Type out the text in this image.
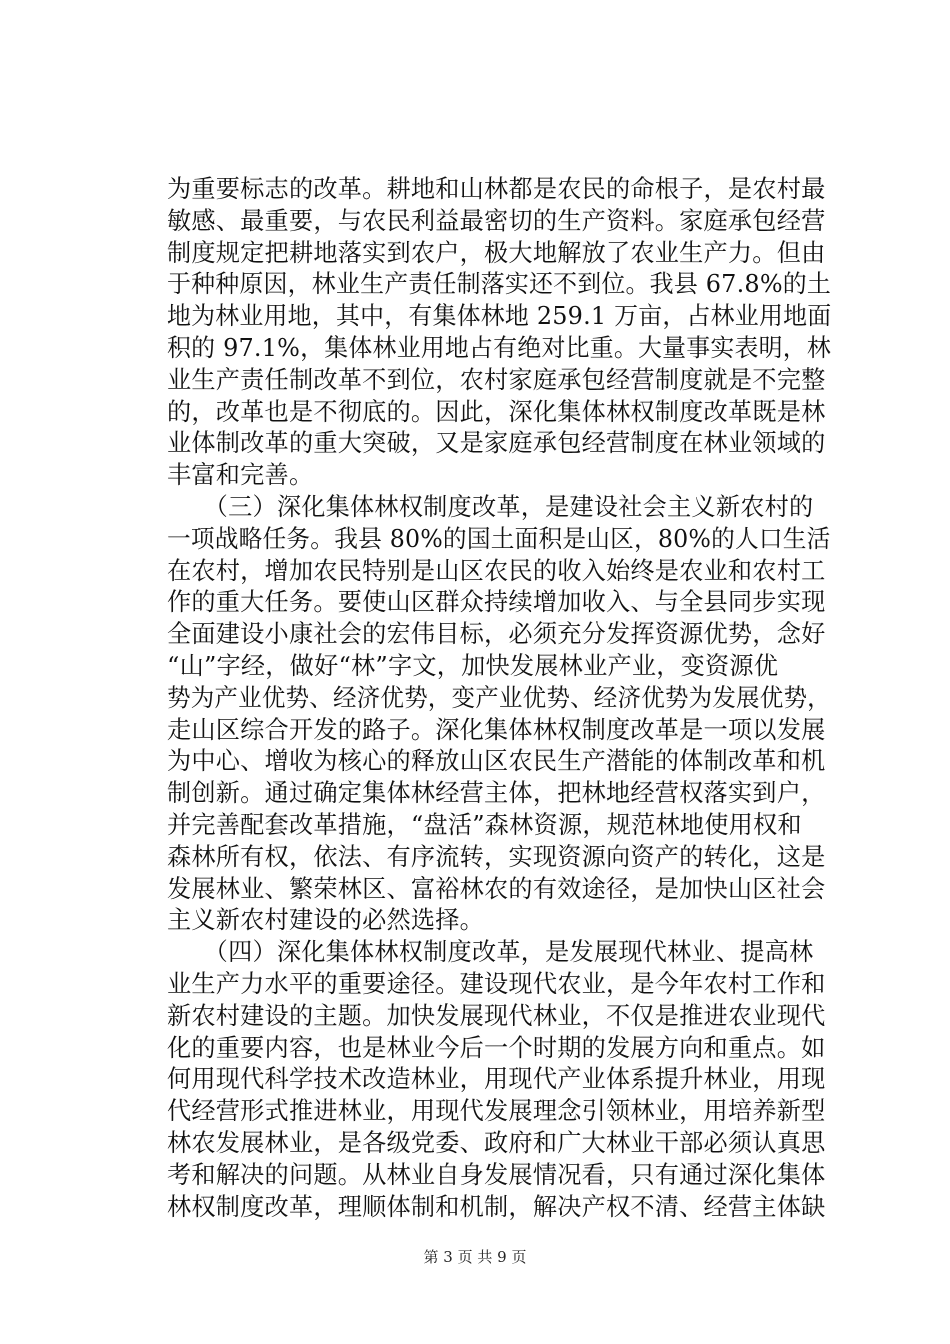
为重要标志的改革。耕地和山林都是农民的命根子，是农村最
敏感、最重要，与农民利益最密切的生产资料。家庭承包经营
制度规定把耕地落实到农户，极大地解放了农业生产力。但由
于种种原因，林业生产责任制落实还不到位。我县 67.8%的土
地为林业用地，其中，有集体林地 259.1 万亩，占林业用地面
积的 97.1%，集体林业用地占有绝对比重。大量事实表明，林
业生产责任制改革不到位，农村家庭承包经营制度就是不完整
的，改革也是不彻底的。因此，深化集体林权制度改革既是林
业体制改革的重大突破，又是家庭承包经营制度在林业领域的
丰富和完善。
　　（三）深化集体林权制度改革，是建设社会主义新农村的
一项战略任务。我县 80%的国土面积是山区，80%的人口生活
在农村，增加农民特别是山区农民的收入始终是农业和农村工
作的重大任务。要使山区群众持续增加收入、与全县同步实现
全面建设小康社会的宏伟目标，必须充分发挥资源优势，念好
“山”字经，做好“林”字文，加快发展林业产业，变资源优
势为产业优势、经济优势，变产业优势、经济优势为发展优势，
走山区综合开发的路子。深化集体林权制度改革是一项以发展
为中心、增收为核心的释放山区农民生产潜能的体制改革和机
制创新。通过确定集体林经营主体，把林地经营权落实到户，
并完善配套改革措施，“盘活”森林资源，规范林地使用权和
森林所有权，依法、有序流转，实现资源向资产的转化，这是
发展林业、繁荣林区、富裕林农的有效途径，是加快山区社会
主义新农村建设的必然选择。
　　（四）深化集体林权制度改革，是发展现代林业、提高林
业生产力水平的重要途径。建设现代农业，是今年农村工作和
新农村建设的主题。加快发展现代林业，不仅是推进农业现代
化的重要内容，也是林业今后一个时期的发展方向和重点。如
何用现代科学技术改造林业，用现代产业体系提升林业，用现
代经营形式推进林业，用现代发展理念引领林业，用培养新型
林农发展林业，是各级党委、政府和广大林业干部必须认真思
考和解决的问题。从林业自身发展情况看，只有通过深化集体
林权制度改革，理顺体制和机制，解决产权不清、经营主体缺
第 3 页 共 9 页
